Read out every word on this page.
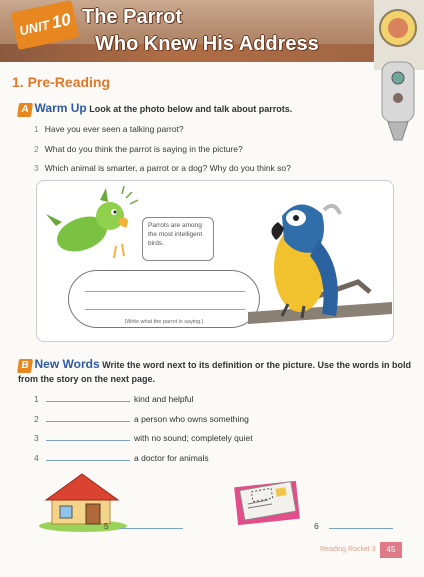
UNIT 10 The Parrot
Who Knew His Address
1. Pre-Reading
A Warm Up Look at the photo below and talk about parrots.
1 Have you ever seen a talking parrot?
2 What do you think the parrot is saying in the picture?
3 Which animal is smarter, a parrot or a dog? Why do you think so?
Parrots are among the most intelligent birds.
(Write what the parrot is saying.)
B New Words Write the word next to its definition or the picture. Use the words in bold from the story on the next page.
1	kind and helpful
2	a person who owns something
3	with no sound; completely quiet
4	a doctor for animals
5	6
Reading Rocket 3	45
